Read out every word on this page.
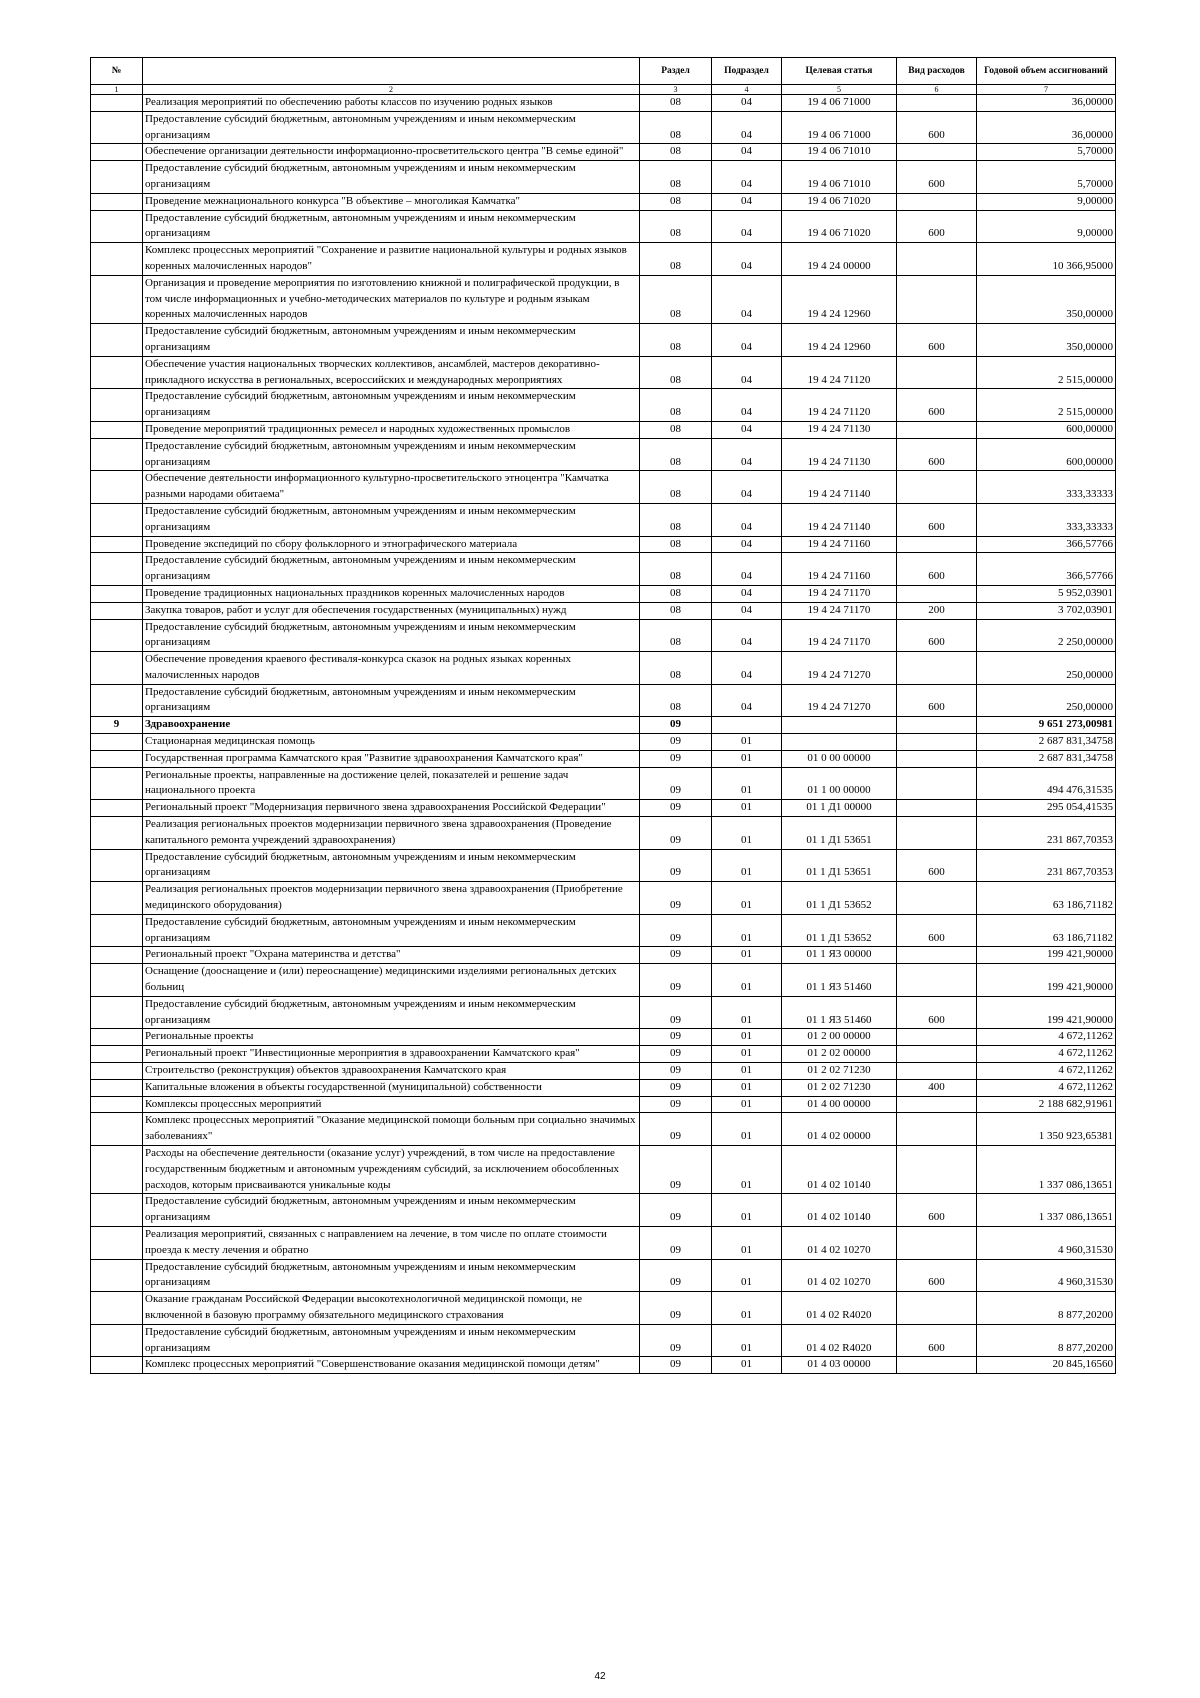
№		Раздел	Подраздел	Целевая статья	Вид расходов	Годовой объем ассигнований
1	2	3	4	5	6	7
	Реализация мероприятий по обеспечению работы классов по изучению родных языков	08	04	19 4 06 71000		36,00000
	Предоставление субсидий бюджетным, автономным учреждениям и иным некоммерческим организациям	08	04	19 4 06 71000	600	36,00000
	Обеспечение организации деятельности информационно-просветительского центра "В семье единой"	08	04	19 4 06 71010		5,70000
	Предоставление субсидий бюджетным, автономным учреждениям и иным некоммерческим организациям	08	04	19 4 06 71010	600	5,70000
	Проведение межнационального конкурса "В объективе – многоликая Камчатка"	08	04	19 4 06 71020		9,00000
	Предоставление субсидий бюджетным, автономным учреждениям и иным некоммерческим организациям	08	04	19 4 06 71020	600	9,00000
	Комплекс процессных мероприятий "Сохранение и развитие национальной культуры и родных языков коренных малочисленных народов"	08	04	19 4 24 00000		10 366,95000
	Организация и проведение мероприятия по изготовлению книжной и полиграфической продукции, в том числе информационных и учебно-методических материалов по культуре и родным языкам коренных малочисленных народов	08	04	19 4 24 12960		350,00000
	Предоставление субсидий бюджетным, автономным учреждениям и иным некоммерческим организациям	08	04	19 4 24 12960	600	350,00000
	Обеспечение участия национальных творческих коллективов, ансамблей, мастеров декоративно-прикладного искусства в региональных, всероссийских и международных мероприятиях	08	04	19 4 24 71120		2 515,00000
	Предоставление субсидий бюджетным, автономным учреждениям и иным некоммерческим организациям	08	04	19 4 24 71120	600	2 515,00000
	Проведение мероприятий традиционных ремесел и народных художественных промыслов	08	04	19 4 24 71130		600,00000
	Предоставление субсидий бюджетным, автономным учреждениям и иным некоммерческим организациям	08	04	19 4 24 71130	600	600,00000
	Обеспечение деятельности информационного культурно-просветительского этноцентра "Камчатка разными народами обитаема"	08	04	19 4 24 71140		333,33333
	Предоставление субсидий бюджетным, автономным учреждениям и иным некоммерческим организациям	08	04	19 4 24 71140	600	333,33333
	Проведение экспедиций по сбору фольклорного и этнографического материала	08	04	19 4 24 71160		366,57766
	Предоставление субсидий бюджетным, автономным учреждениям и иным некоммерческим организациям	08	04	19 4 24 71160	600	366,57766
	Проведение традиционных национальных праздников коренных малочисленных народов	08	04	19 4 24 71170		5 952,03901
	Закупка товаров, работ и услуг для обеспечения государственных (муниципальных) нужд	08	04	19 4 24 71170	200	3 702,03901
	Предоставление субсидий бюджетным, автономным учреждениям и иным некоммерческим организациям	08	04	19 4 24 71170	600	2 250,00000
	Обеспечение проведения краевого фестиваля-конкурса сказок на родных языках коренных малочисленных народов	08	04	19 4 24 71270		250,00000
	Предоставление субсидий бюджетным, автономным учреждениям и иным некоммерческим организациям	08	04	19 4 24 71270	600	250,00000
9	Здравоохранение	09				9 651 273,00981
	Стационарная медицинская помощь	09	01			2 687 831,34758
	Государственная программа Камчатского края "Развитие здравоохранения Камчатского края"	09	01	01 0 00 00000		2 687 831,34758
	Региональные проекты, направленные на достижение целей, показателей и решение задач национального проекта	09	01	01 1 00 00000		494 476,31535
	Региональный проект "Модернизация первичного звена здравоохранения Российской Федерации"	09	01	01 1 Д1 00000		295 054,41535
	Реализация региональных проектов модернизации первичного звена здравоохранения (Проведение капитального ремонта учреждений здравоохранения)	09	01	01 1 Д1 53651		231 867,70353
	Предоставление субсидий бюджетным, автономным учреждениям и иным некоммерческим организациям	09	01	01 1 Д1 53651	600	231 867,70353
	Реализация региональных проектов модернизации первичного звена здравоохранения (Приобретение медицинского оборудования)	09	01	01 1 Д1 53652		63 186,71182
	Предоставление субсидий бюджетным, автономным учреждениям и иным некоммерческим организациям	09	01	01 1 Д1 53652	600	63 186,71182
	Региональный проект "Охрана материнства и детства"	09	01	01 1 Я3 00000		199 421,90000
	Оснащение (дооснащение и (или) переоснащение) медицинскими изделиями региональных детских больниц	09	01	01 1 Я3 51460		199 421,90000
	Предоставление субсидий бюджетным, автономным учреждениям и иным некоммерческим организациям	09	01	01 1 Я3 51460	600	199 421,90000
	Региональные проекты	09	01	01 2 00 00000		4 672,11262
	Региональный проект "Инвестиционные мероприятия в здравоохранении Камчатского края"	09	01	01 2 02 00000		4 672,11262
	Строительство (реконструкция) объектов здравоохранения Камчатского края	09	01	01 2 02 71230		4 672,11262
	Капитальные вложения в объекты государственной (муниципальной) собственности	09	01	01 2 02 71230	400	4 672,11262
	Комплексы процессных мероприятий	09	01	01 4 00 00000		2 188 682,91961
	Комплекс процессных мероприятий "Оказание медицинской помощи больным при социально значимых заболеваниях"	09	01	01 4 02 00000		1 350 923,65381
	Расходы на обеспечение деятельности (оказание услуг) учреждений, в том числе на предоставление государственным бюджетным и автономным учреждениям субсидий, за исключением обособленных расходов, которым присваиваются уникальные коды	09	01	01 4 02 10140		1 337 086,13651
	Предоставление субсидий бюджетным, автономным учреждениям и иным некоммерческим организациям	09	01	01 4 02 10140	600	1 337 086,13651
	Реализация мероприятий, связанных с направлением на лечение, в том числе по оплате стоимости проезда к месту лечения и обратно	09	01	01 4 02 10270		4 960,31530
	Предоставление субсидий бюджетным, автономным учреждениям и иным некоммерческим организациям	09	01	01 4 02 10270	600	4 960,31530
	Оказание гражданам Российской Федерации высокотехнологичной медицинской помощи, не включенной в базовую программу обязательного медицинского страхования	09	01	01 4 02 R4020		8 877,20200
	Предоставление субсидий бюджетным, автономным учреждениям и иным некоммерческим организациям	09	01	01 4 02 R4020	600	8 877,20200
	Комплекс процессных мероприятий "Совершенствование оказания медицинской помощи детям"	09	01	01 4 03 00000		20 845,16560
42
